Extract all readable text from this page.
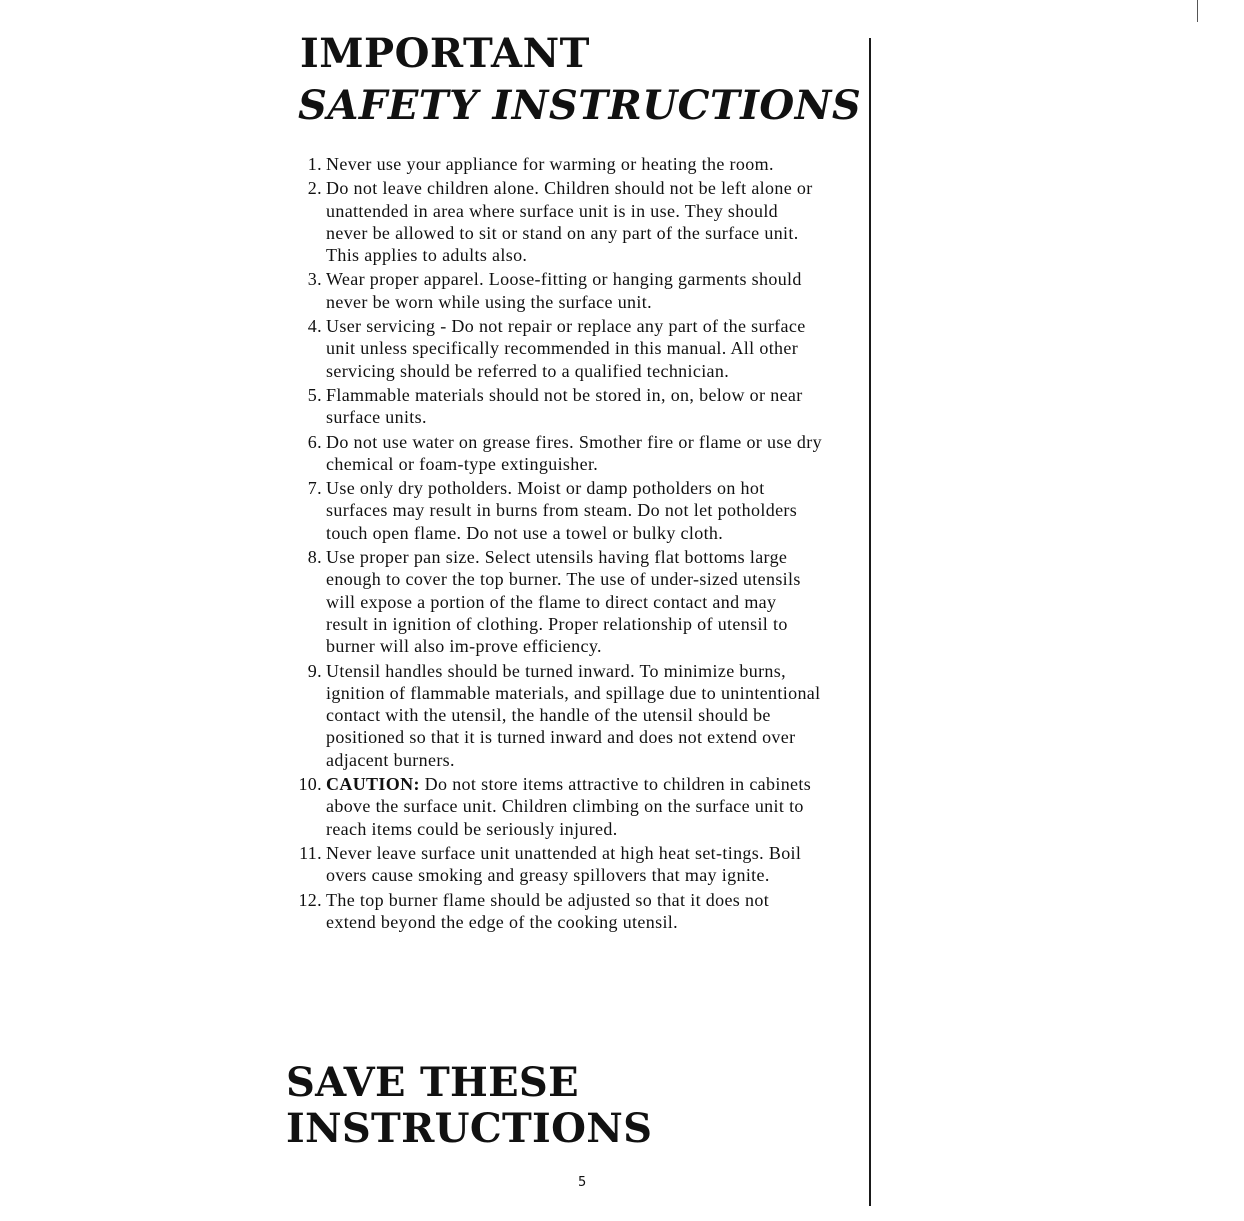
IMPORTANT
SAFETY INSTRUCTIONS
1. Never use your appliance for warming or heating the room.
2. Do not leave children alone. Children should not be left alone or unattended in area where surface unit is in use. They should never be allowed to sit or stand on any part of the surface unit. This applies to adults also.
3. Wear proper apparel. Loose-fitting or hanging garments should never be worn while using the surface unit.
4. User servicing - Do not repair or replace any part of the surface unit unless specifically recommended in this manual. All other servicing should be referred to a qualified technician.
5. Flammable materials should not be stored in, on, below or near surface units.
6. Do not use water on grease fires. Smother fire or flame or use dry chemical or foam-type extinguisher.
7. Use only dry potholders. Moist or damp potholders on hot surfaces may result in burns from steam. Do not let potholders touch open flame. Do not use a towel or bulky cloth.
8. Use proper pan size. Select utensils having flat bottoms large enough to cover the top burner. The use of under-sized utensils will expose a portion of the flame to direct contact and may result in ignition of clothing. Proper relationship of utensil to burner will also im-prove efficiency.
9. Utensil handles should be turned inward. To minimize burns, ignition of flammable materials, and spillage due to unintentional contact with the utensil, the handle of the utensil should be positioned so that it is turned inward and does not extend over adjacent burners.
10. CAUTION: Do not store items attractive to children in cabinets above the surface unit. Children climbing on the surface unit to reach items could be seriously injured.
11. Never leave surface unit unattended at high heat set-tings. Boil overs cause smoking and greasy spillovers that may ignite.
12. The top burner flame should be adjusted so that it does not extend beyond the edge of the cooking utensil.
SAVE THESE
INSTRUCTIONS
5
